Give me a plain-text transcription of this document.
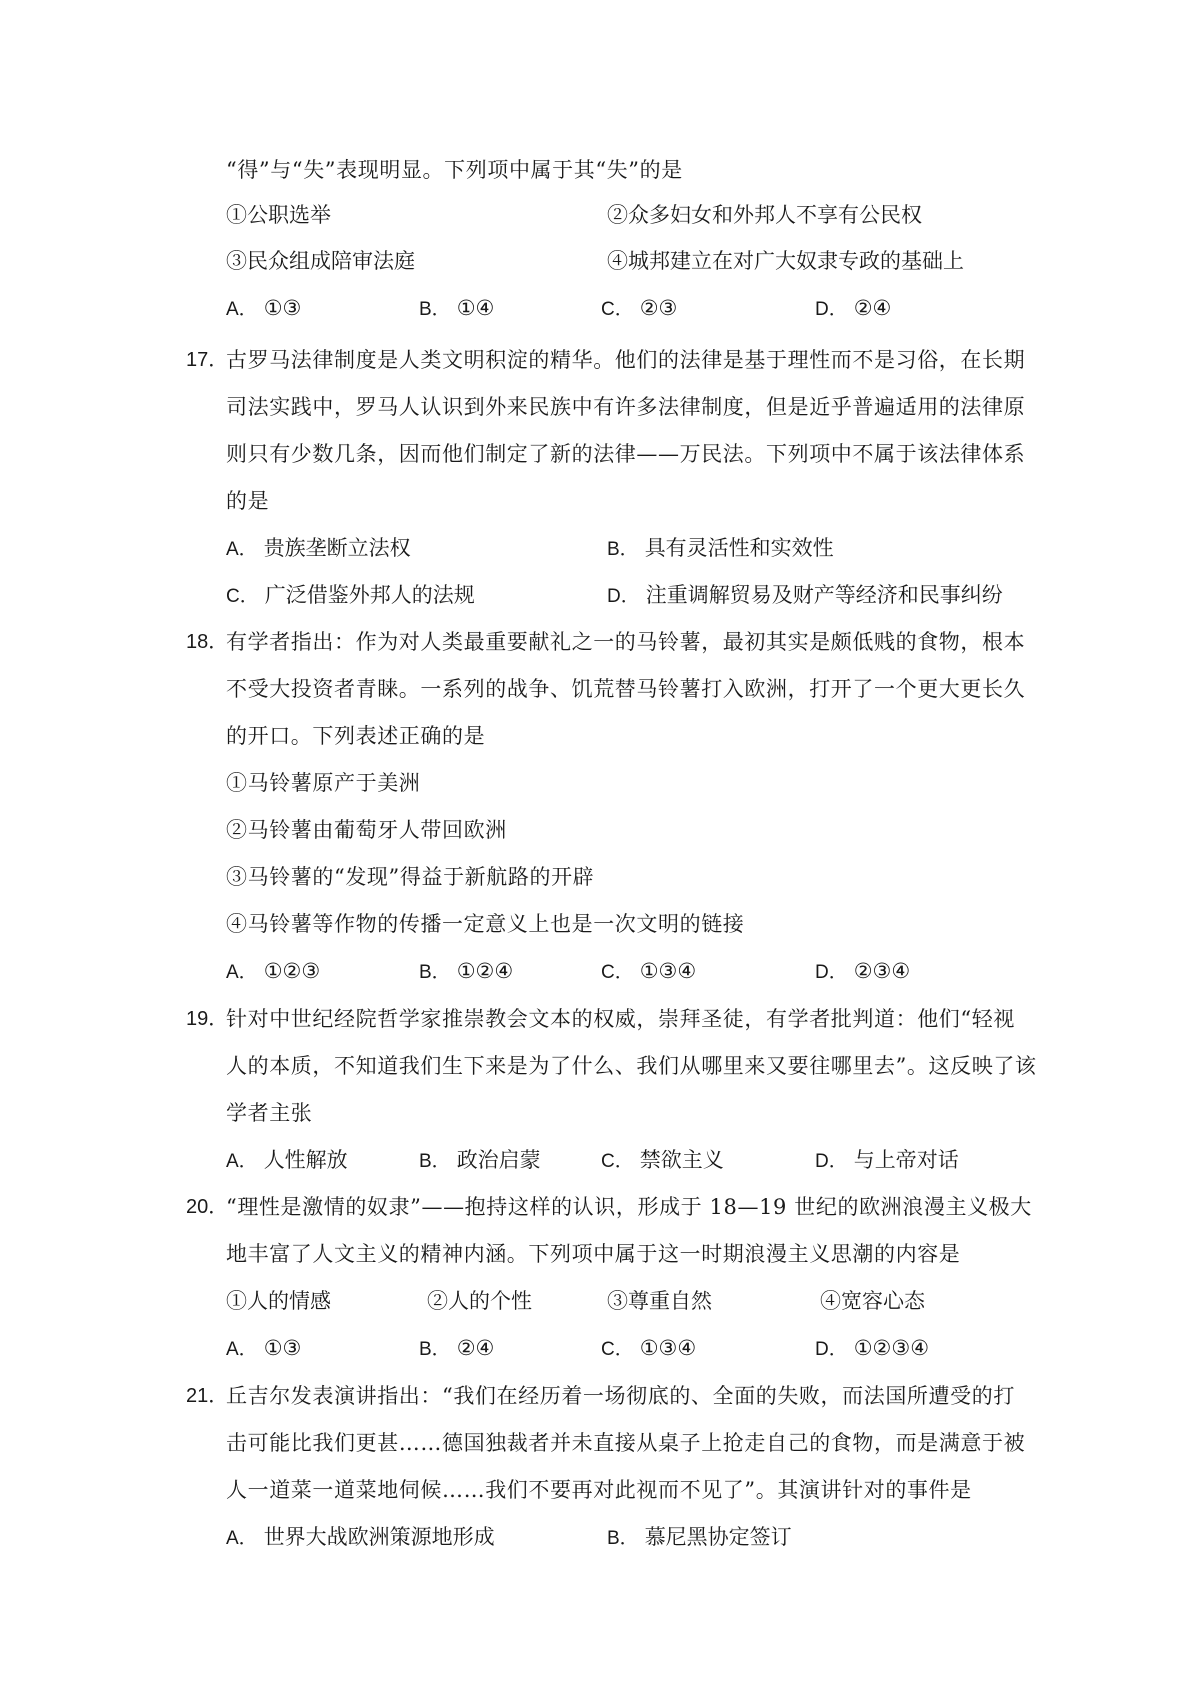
“得”与“失”表现明显。下列项中属于其“失”的是
①公职选举	②众多妇女和外邦人不享有公民权
③民众组成陪审法庭	④城邦建立在对广大奴隶专政的基础上
A． ①③	B． ①④	C． ②③	D． ②④
17．
古罗马法律制度是人类文明积淀的精华。他们的法律是基于理性而不是习俗，在长期
司法实践中，罗马人认识到外来民族中有许多法律制度，但是近乎普遍适用的法律原
则只有少数几条，因而他们制定了新的法律——万民法。下列项中不属于该法律体系
的是
A． 贵族垄断立法权	B． 具有灵活性和实效性
C． 广泛借鉴外邦人的法规	D． 注重调解贸易及财产等经济和民事纠纷
18．
有学者指出：作为对人类最重要献礼之一的马铃薯，最初其实是颇低贱的食物，根本
不受大投资者青睐。一系列的战争、饥荒替马铃薯打入欧洲，打开了一个更大更长久
的开口。下列表述正确的是
①马铃薯原产于美洲
②马铃薯由葡萄牙人带回欧洲
③马铃薯的“发现”得益于新航路的开辟
④马铃薯等作物的传播一定意义上也是一次文明的链接
A． ①②③	B． ①②④	C． ①③④	D． ②③④
19．
针对中世纪经院哲学家推崇教会文本的权威，崇拜圣徒，有学者批判道：他们“轻视
人的本质，不知道我们生下来是为了什么、我们从哪里来又要往哪里去”。这反映了该
学者主张
A． 人性解放	B． 政治启蒙	C． 禁欲主义	D． 与上帝对话
20．
“理性是激情的奴隶”——抱持这样的认识，形成于 18—19 世纪的欧洲浪漫主义极大
地丰富了人文主义的精神内涵。下列项中属于这一时期浪漫主义思潮的内容是
①人的情感	②人的个性	③尊重自然	④宽容心态
A． ①③	B． ②④	C． ①③④	D． ①②③④
21．
丘吉尔发表演讲指出：“我们在经历着一场彻底的、全面的失败，而法国所遭受的打
击可能比我们更甚……德国独裁者并未直接从桌子上抢走自己的食物，而是满意于被
人一道菜一道菜地伺候……我们不要再对此视而不见了”。其演讲针对的事件是
A． 世界大战欧洲策源地形成	B． 慕尼黑协定签订
